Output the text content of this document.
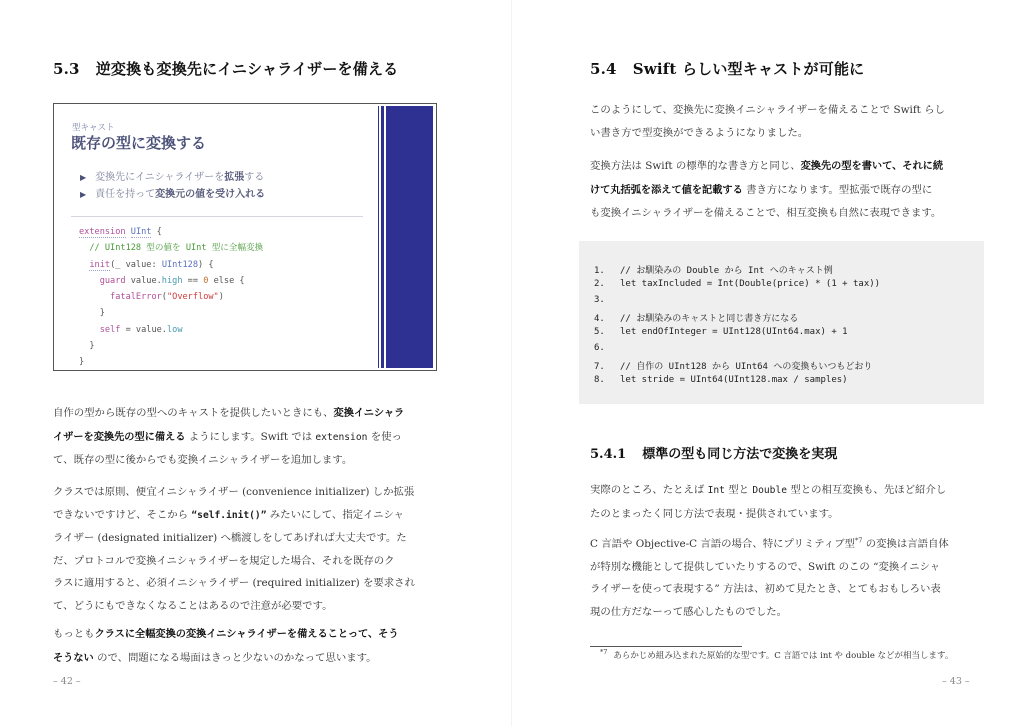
5.3 逆変換も変換先にイニシャライザーを備える
型キャスト
既存の型に変換する
▶ 変換先にイニシャライザーを拡張する
▶ 責任を持って変換元の値を受け入れる
extension UInt {
// UInt128 型の値を UInt 型に全幅変換
init(_ value: UInt128) {
guard value.high == 0 else {
fatalError("Overflow")
}
self = value.low
}
}
自作の型から既存の型へのキャストを提供したいときにも、変換イニシャラ
イザーを変換先の型に備える ようにします。Swift では extension を使っ
て、既存の型に後からでも変換イニシャライザーを追加します。
クラスでは原則、便宜イニシャライザー (convenience initializer) しか拡張
できないですけど、そこから “self.init()” みたいにして、指定イニシャ
ライザー (designated initializer) へ橋渡しをしてあげれば大丈夫です。た
だ、プロトコルで変換イニシャライザーを規定した場合、それを既存のク
ラスに適用すると、必須イニシャライザー (required initializer) を要求され
て、どうにもできなくなることはあるので注意が必要です。
もっともクラスに全幅変換の変換イニシャライザーを備えることって、そう
そうない ので、問題になる場面はきっと少ないのかなって思います。
– 42 –
5.4 Swift らしい型キャストが可能に
このようにして、変換先に変換イニシャライザーを備えることで Swift らし
い書き方で型変換ができるようになりました。
変換方法は Swift の標準的な書き方と同じ、変換先の型を書いて、それに続
けて丸括弧を添えて値を記載する 書き方になります。型拡張で既存の型に
も変換イニシャライザーを備えることで、相互変換も自然に表現できます。
1. // お馴染みの Double から Int へのキャスト例
2. let taxIncluded = Int(Double(price) * (1 + tax))
3.
4. // お馴染みのキャストと同じ書き方になる
5. let endOfInteger = UInt128(UInt64.max) + 1
6.
7. // 自作の UInt128 から UInt64 への変換もいつもどおり
8. let stride = UInt64(UInt128.max / samples)
5.4.1 標準の型も同じ方法で変換を実現
実際のところ、たとえば Int 型と Double 型との相互変換も、先ほど紹介し
たのとまったく同じ方法で表現・提供されています。
C 言語や Objective-C 言語の場合、特にプリミティブ型$^{*7}$ の変換は言語自体
が特別な機能として提供していたりするので、Swift のこの “変換イニシャ
ライザーを使って表現する” 方法は、初めて見たとき、とてもおもしろい表
現の仕方だなーって感心したものでした。
$^{*7}$ あらかじめ組み込まれた原始的な型です。C 言語では int や double などが相当します。
– 43 –
